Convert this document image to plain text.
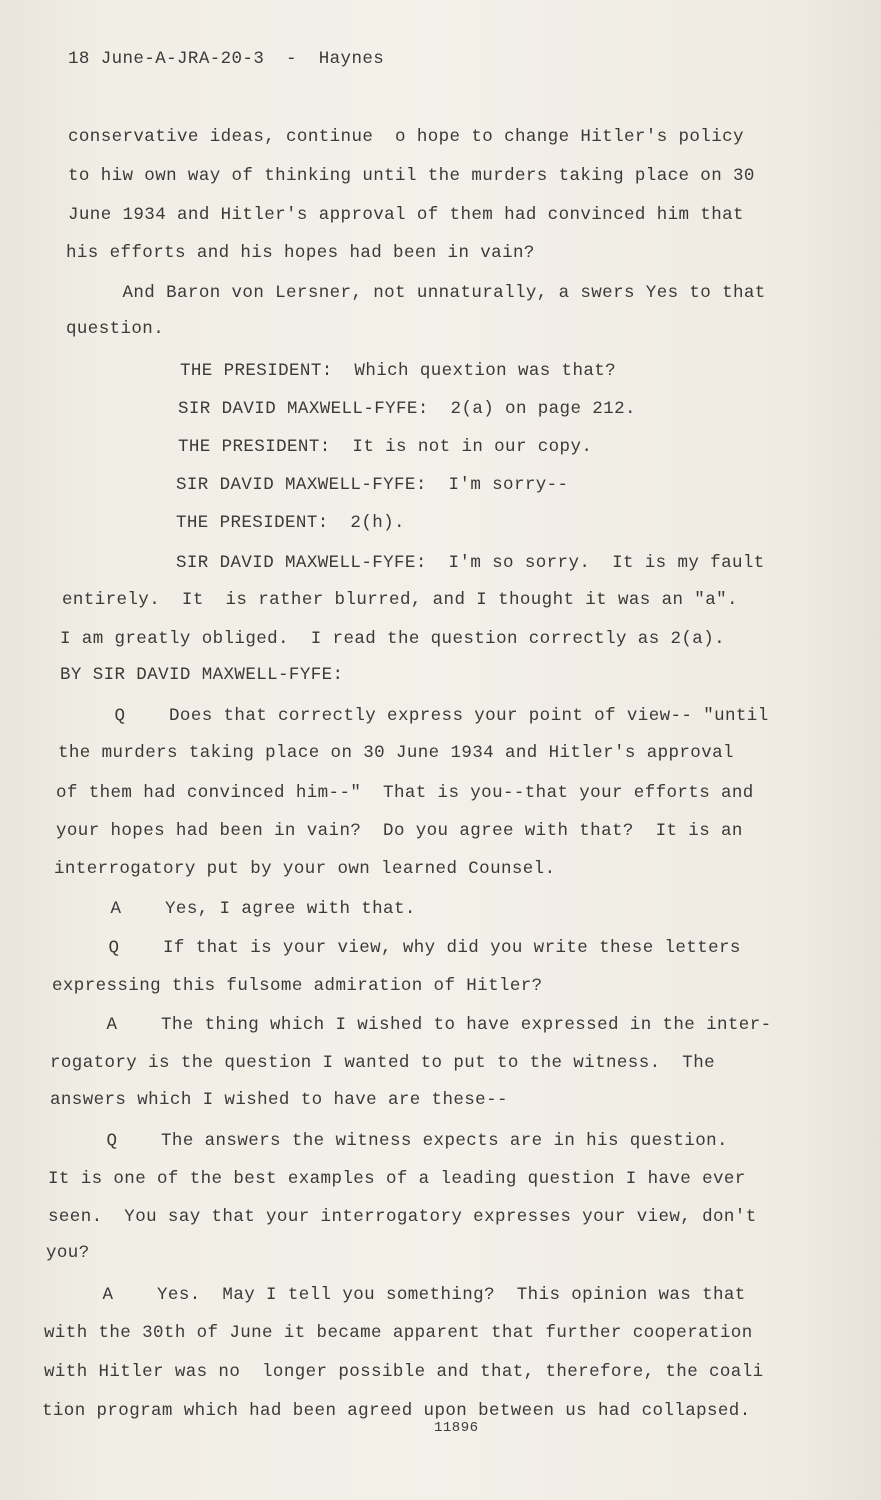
18 June-A-JRA-20-3  -  Haynes
conservative ideas, continue  o hope to change Hitler's policy
to hiw own way of thinking until the murders taking place on 30
June 1934 and Hitler's approval of them had convinced him that
his efforts and his hopes had been in vain?
And Baron von Lersner, not unnaturally, a swers Yes to that
question.
THE PRESIDENT:  Which quextion was that?
SIR DAVID MAXWELL-FYFE:  2(a) on page 212.
THE PRESIDENT:  It is not in our copy.
SIR DAVID MAXWELL-FYFE:  I'm sorry--
THE PRESIDENT:  2(h).
SIR DAVID MAXWELL-FYFE:  I'm so sorry.  It is my fault
entirely.  It  is rather blurred, and I thought it was an "a".
I am greatly obliged.  I read the question correctly as 2(a).
BY SIR DAVID MAXWELL-FYFE:
Q    Does that correctly express your point of view-- "until
the murders taking place on 30 June 1934 and Hitler's approval
of them had convinced him--"  That is you--that your efforts and
your hopes had been in vain?  Do you agree with that?  It is an
interrogatory put by your own learned Counsel.
A    Yes, I agree with that.
Q    If that is your view, why did you write these letters
expressing this fulsome admiration of Hitler?
A    The thing which I wished to have expressed in the inter-
rogatory is the question I wanted to put to the witness.  The
answers which I wished to have are these--
Q    The answers the witness expects are in his question.
It is one of the best examples of a leading question I have ever
seen.  You say that your interrogatory expresses your view, don't
you?
A    Yes.  May I tell you something?  This opinion was that
with the 30th of June it became apparent that further cooperation
with Hitler was no  longer possible and that, therefore, the coali
tion program which had been agreed upon between us had collapsed.
11896
